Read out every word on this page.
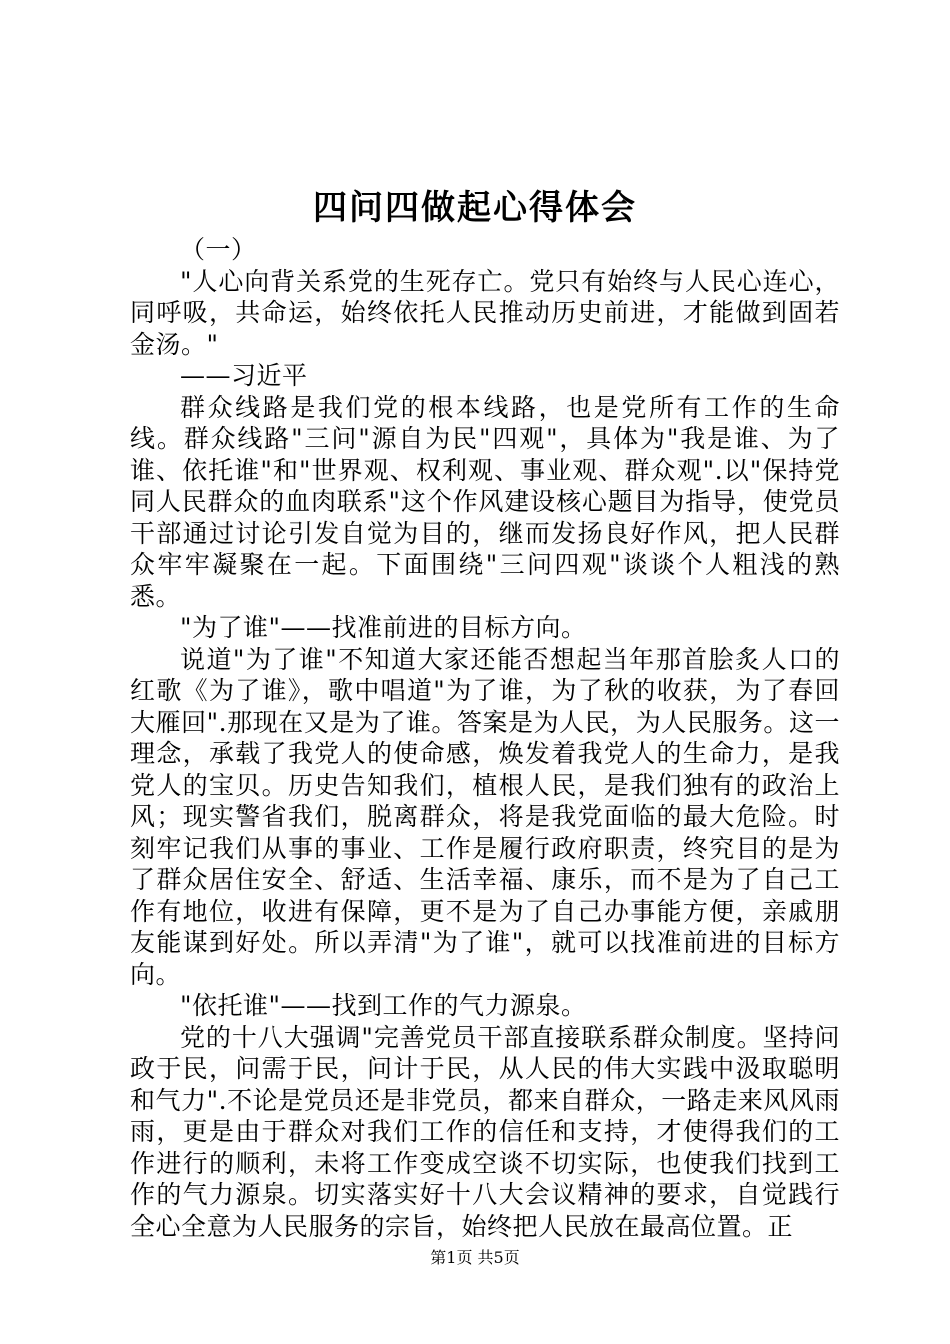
四问四做起心得体会

（一）

"人心向背关系党的生死存亡。党只有始终与人民心连心，同呼吸，共命运，始终依托人民推动历史前进，才能做到固若金汤。"

——习近平

群众线路是我们党的根本线路，也是党所有工作的生命线。群众线路"三问"源自为民"四观"，具体为"我是谁、为了谁、依托谁"和"世界观、权利观、事业观、群众观".以"保持党同人民群众的血肉联系"这个作风建设核心题目为指导，使党员干部通过讨论引发自觉为目的，继而发扬良好作风，把人民群众牢牢凝聚在一起。下面围绕"三问四观"谈谈个人粗浅的熟悉。

"为了谁"——找准前进的目标方向。

说道"为了谁"不知道大家还能否想起当年那首脍炙人口的红歌《为了谁》，歌中唱道"为了谁，为了秋的收获，为了春回大雁回".那现在又是为了谁。答案是为人民，为人民服务。这一理念，承载了我党人的使命感，焕发着我党人的生命力，是我党人的宝贝。历史告知我们，植根人民，是我们独有的政治上风；现实警省我们，脱离群众，将是我党面临的最大危险。时刻牢记我们从事的事业、工作是履行政府职责，终究目的是为了群众居住安全、舒适、生活幸福、康乐，而不是为了自己工作有地位，收进有保障，更不是为了自己办事能方便，亲戚朋友能谋到好处。所以弄清"为了谁"，就可以找准前进的目标方向。

"依托谁"——找到工作的气力源泉。

党的十八大强调"完善党员干部直接联系群众制度。坚持问政于民，问需于民，问计于民，从人民的伟大实践中汲取聪明和气力".不论是党员还是非党员，都来自群众，一路走来风风雨雨，更是由于群众对我们工作的信任和支持，才使得我们的工作进行的顺利，未将工作变成空谈不切实际，也使我们找到工作的气力源泉。切实落实好十八大会议精神的要求，自觉践行全心全意为人民服务的宗旨，始终把人民放在最高位置。正

第1页 共5页
